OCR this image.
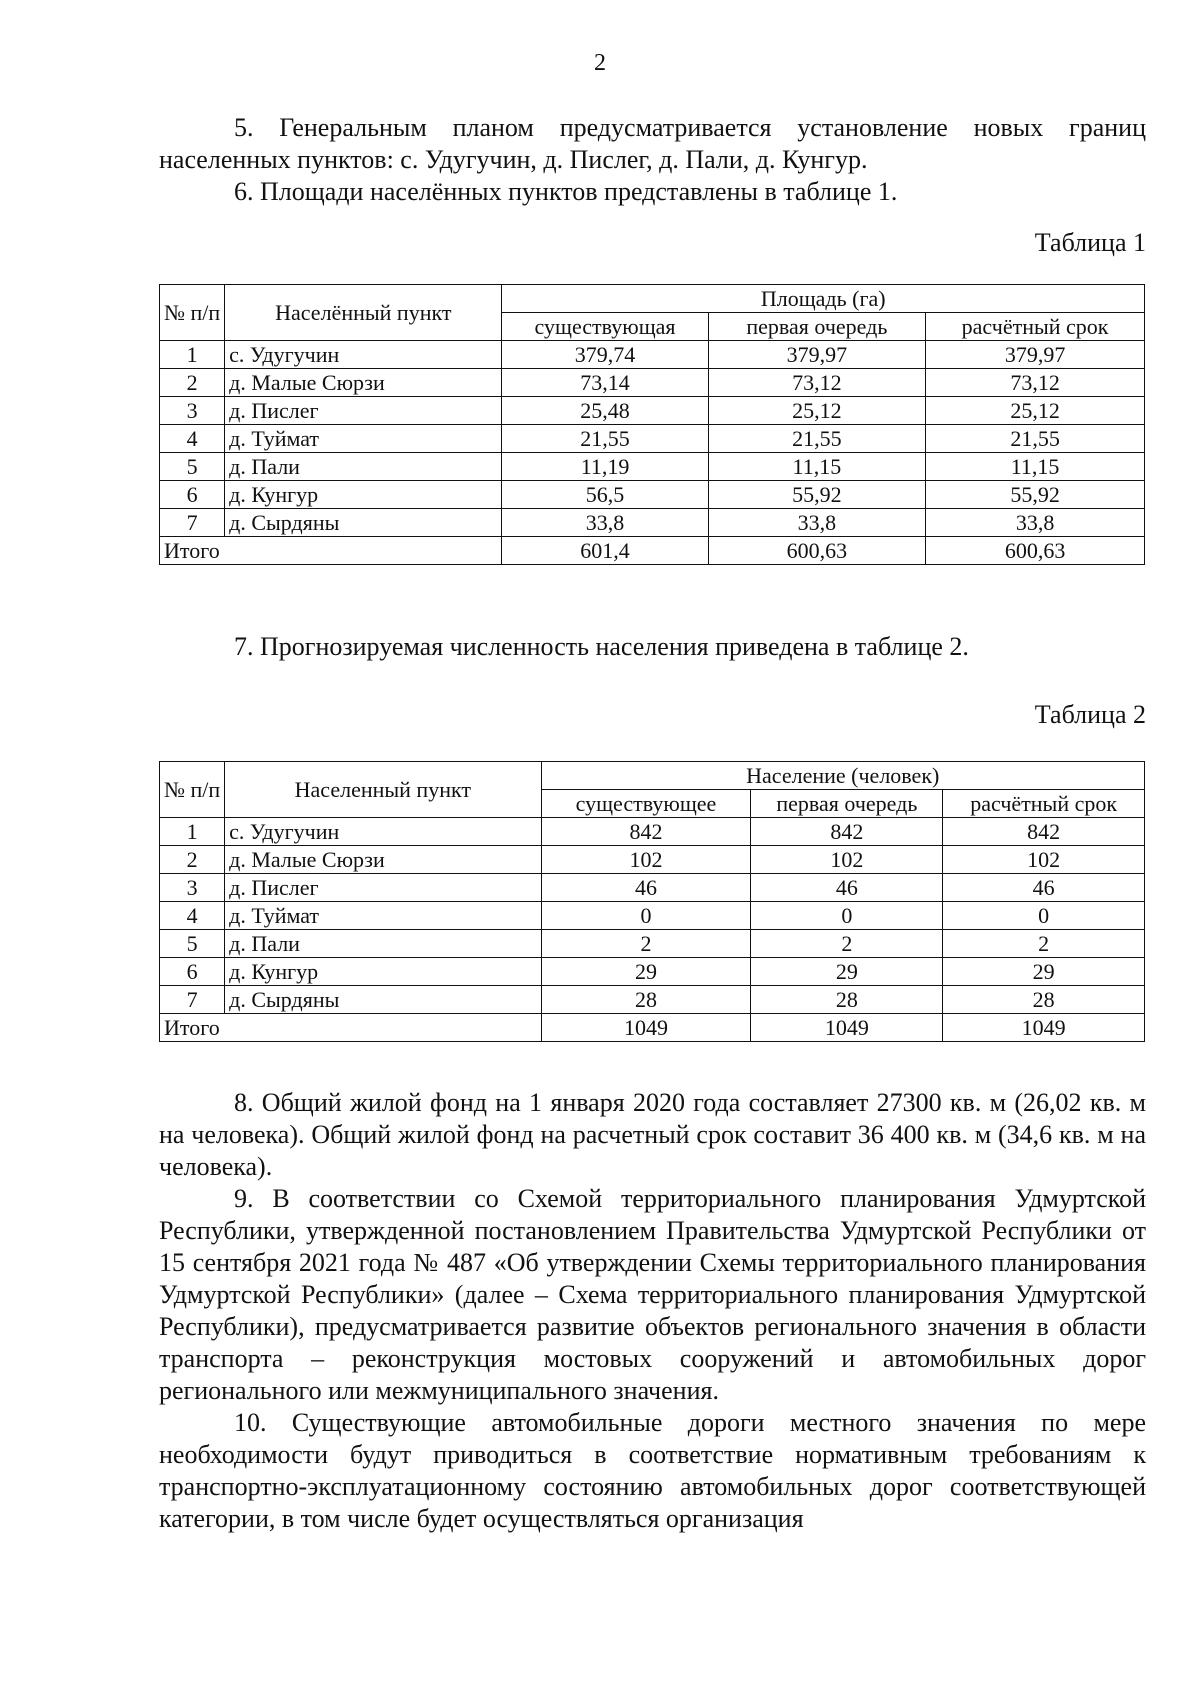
2

5. Генеральным планом предусматривается установление новых границ населенных пунктов: с. Удугучин, д. Пислег, д. Пали, д. Кунгур.

6. Площади населённых пунктов представлены в таблице 1.

Таблица 1
№ п/п	Населённый пункт	Площадь (га)		
		существующая	первая очередь	расчётный срок
1	с. Удугучин	379,74	379,97	379,97
2	д. Малые Сюрзи	73,14	73,12	73,12
3	д. Пислег	25,48	25,12	25,12
4	д. Туймат	21,55	21,55	21,55
5	д. Пали	11,19	11,15	11,15
6	д. Кунгур	56,5	55,92	55,92
7	д. Сырдяны	33,8	33,8	33,8
Итого		601,4	600,63	600,63

7. Прогнозируемая численность населения приведена в таблице 2.

Таблица 2
№ п/п	Населенный пункт	Население (человек)		
		существующее	первая очередь	расчётный срок
1	с. Удугучин	842	842	842
2	д. Малые Сюрзи	102	102	102
3	д. Пислег	46	46	46
4	д. Туймат	0	0	0
5	д. Пали	2	2	2
6	д. Кунгур	29	29	29
7	д. Сырдяны	28	28	28
Итого		1049	1049	1049

8. Общий жилой фонд на 1 января 2020 года составляет 27300 кв. м (26,02 кв. м на человека). Общий жилой фонд на расчетный срок составит 36 400 кв. м (34,6 кв. м на человека).

9. В соответствии со Схемой территориального планирования Удмуртской Республики, утвержденной постановлением Правительства Удмуртской Республики от 15 сентября 2021 года № 487 «Об утверждении Схемы территориального планирования Удмуртской Республики» (далее – Схема территориального планирования Удмуртской Республики), предусматривается развитие объектов регионального значения в области транспорта – реконструкция мостовых сооружений и автомобильных дорог регионального или межмуниципального значения.

10. Существующие автомобильные дороги местного значения по мере необходимости будут приводиться в соответствие нормативным требованиям к транспортно-эксплуатационному состоянию автомобильных дорог соответствующей категории, в том числе будет осуществляться организация
